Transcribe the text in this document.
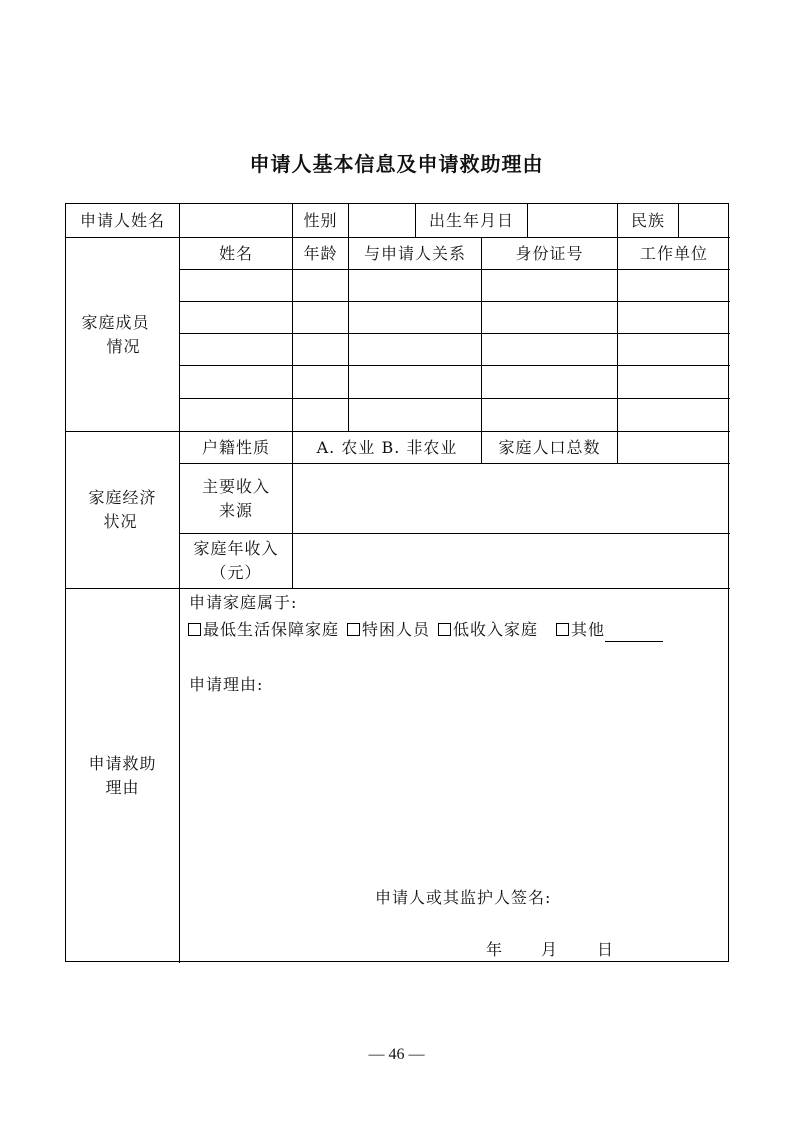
申请人基本信息及申请救助理由
申请人姓名	性别	出生年月日	民族
家庭成员
情况
姓名	年龄	与申请人关系	身份证号	工作单位
家庭经济
状况
户籍性质	A. 农业 B. 非农业	家庭人口总数
主要收入
来源
家庭年收入
（元）
申请救助
理由
申请家庭属于:
最低生活保障家庭 特困人员 低收入家庭 其他
申请理由:
申请人或其监护人签名:
年 月 日
— 46 —
